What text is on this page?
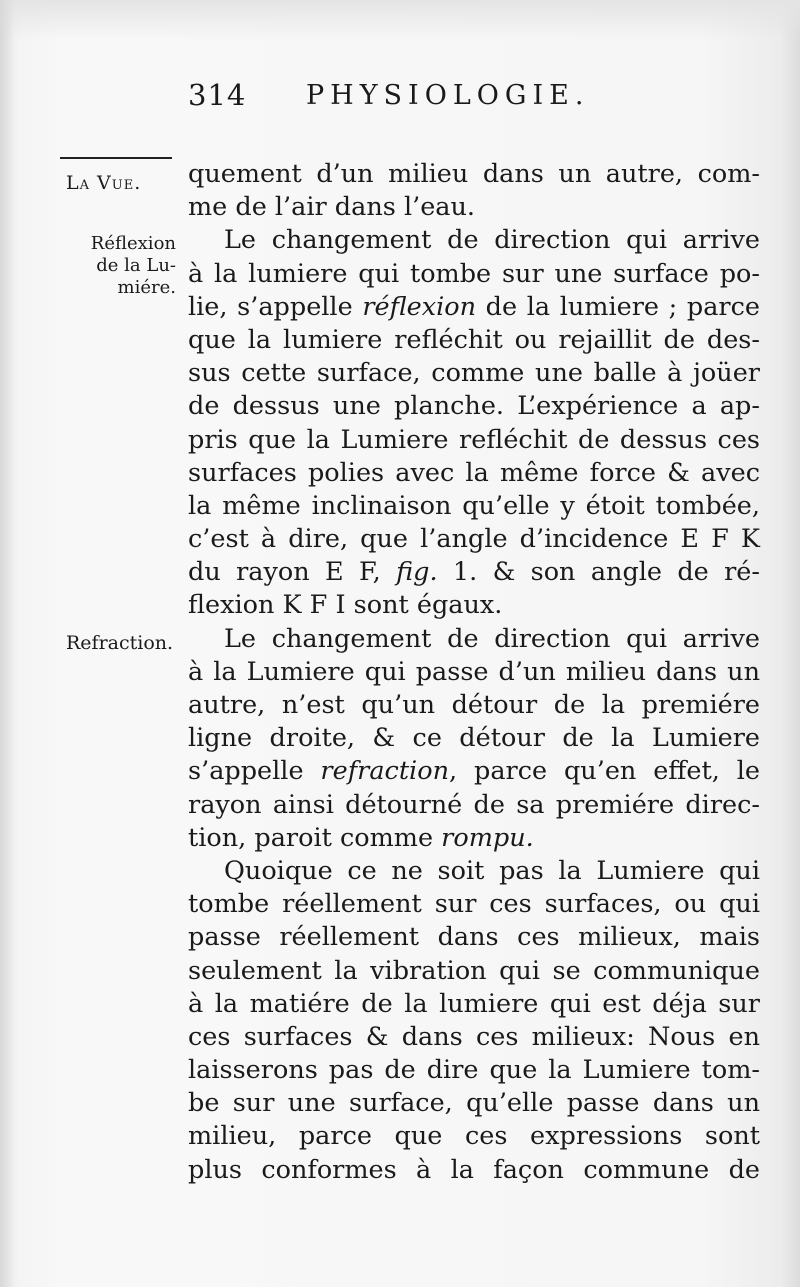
314 PHYSIOLOGIE.
La Vue.
Réflexion
de la Lu-
miére.
Refraction.
quement d’un milieu dans un autre, com-
me de l’air dans l’eau.
Le changement de direction qui arrive
à la lumiere qui tombe sur une surface po-
lie, s’appelle réflexion de la lumiere ; parce
que la lumiere refléchit ou rejaillit de des-
sus cette surface, comme une balle à joüer
de dessus une planche. L’expérience a ap-
pris que la Lumiere refléchit de dessus ces
surfaces polies avec la même force & avec
la même inclinaison qu’elle y étoit tombée,
c’est à dire, que l’angle d’incidence E F K
du rayon E F, fig. 1. & son angle de ré-
flexion K F I sont égaux.
Le changement de direction qui arrive
à la Lumiere qui passe d’un milieu dans un
autre, n’est qu’un détour de la premiére
ligne droite, & ce détour de la Lumiere
s’appelle refraction, parce qu’en effet, le
rayon ainsi détourné de sa premiére direc-
tion, paroit comme rompu.
Quoique ce ne soit pas la Lumiere qui
tombe réellement sur ces surfaces, ou qui
passe réellement dans ces milieux, mais
seulement la vibration qui se communique
à la matiére de la lumiere qui est déja sur
ces surfaces & dans ces milieux: Nous en
laisserons pas de dire que la Lumiere tom-
be sur une surface, qu’elle passe dans un
milieu, parce que ces expressions sont
plus conformes à la façon commune de
